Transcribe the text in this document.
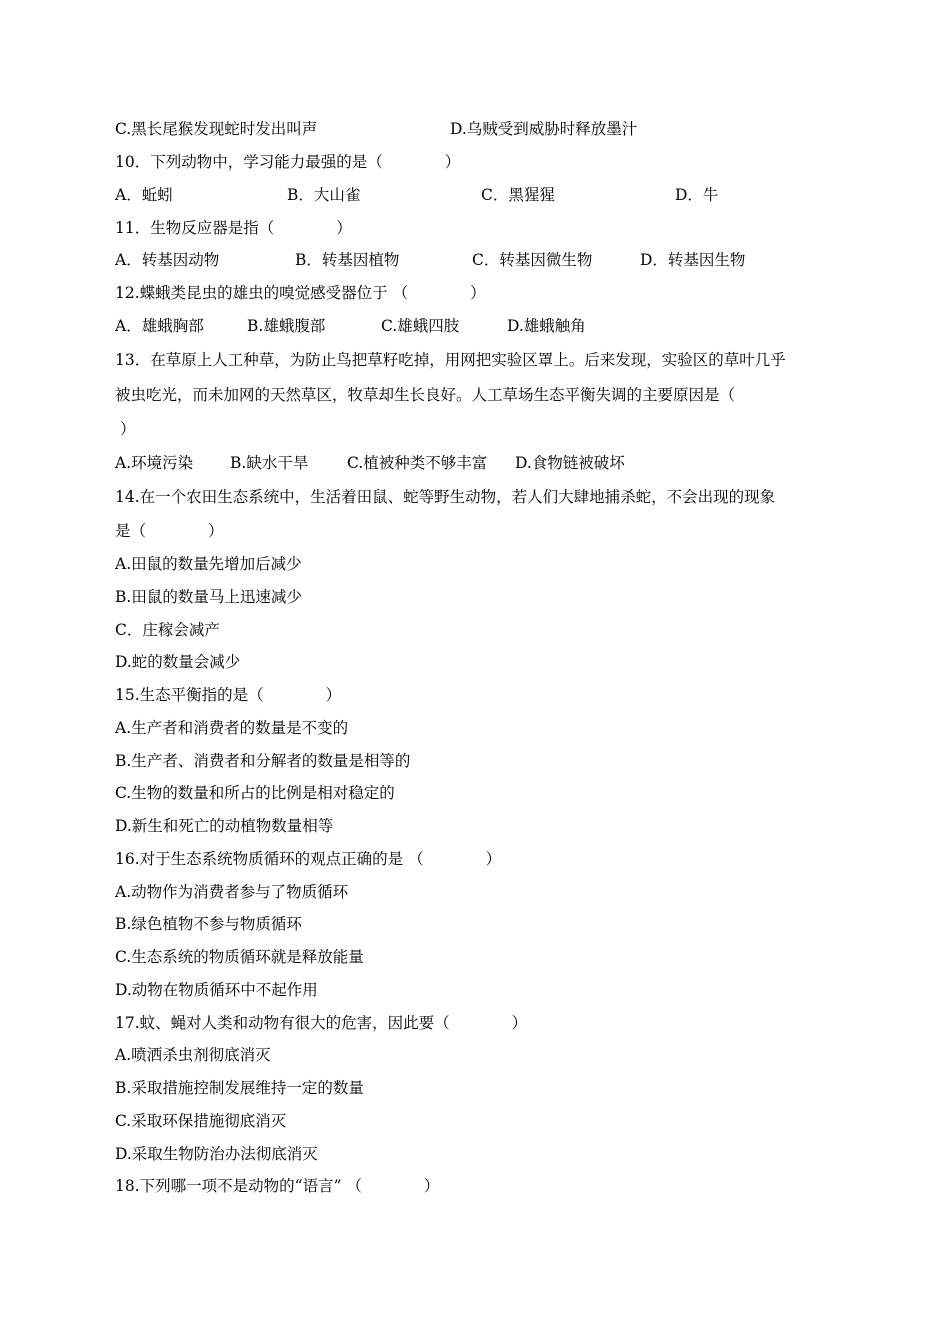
C.黑长尾猴发现蛇时发出叫声	D.乌贼受到威胁时释放墨汁
10．下列动物中，学习能力最强的是（　　　　）
A．蚯蚓	B．大山雀	C．黑猩猩	D．牛
11．生物反应器是指（　　　　）
A．转基因动物	B．转基因植物	C．转基因微生物	D．转基因生物
12.蝶蛾类昆虫的雄虫的嗅觉感受器位于 （　　　　）
A．雄蛾胸部	B.雄蛾腹部	C.雄蛾四肢	D.雄蛾触角
13．在草原上人工种草，为防止鸟把草籽吃掉，用网把实验区罩上。后来发现，实验区的草叶几乎
被虫吃光，而未加网的天然草区，牧草却生长良好。人工草场生态平衡失调的主要原因是（
）
A.环境污染 B.缺水干旱 C.植被种类不够丰富 D.食物链被破坏
14.在一个农田生态系统中，生活着田鼠、蛇等野生动物，若人们大肆地捕杀蛇，不会出现的现象
是（　　　　）
A.田鼠的数量先增加后减少
B.田鼠的数量马上迅速减少
C．庄稼会减产
D.蛇的数量会减少
15.生态平衡指的是（　　　　）
A.生产者和消费者的数量是不变的
B.生产者、消费者和分解者的数量是相等的
C.生物的数量和所占的比例是相对稳定的
D.新生和死亡的动植物数量相等
16.对于生态系统物质循环的观点正确的是 （　　　　）
A.动物作为消费者参与了物质循环
B.绿色植物不参与物质循环
C.生态系统的物质循环就是释放能量
D.动物在物质循环中不起作用
17.蚊、蝇对人类和动物有很大的危害，因此要（　　　　）
A.喷洒杀虫剂彻底消灭
B.采取措施控制发展维持一定的数量
C.采取环保措施彻底消灭
D.采取生物防治办法彻底消灭
18.下列哪一项不是动物的“语言” （　　　　）
